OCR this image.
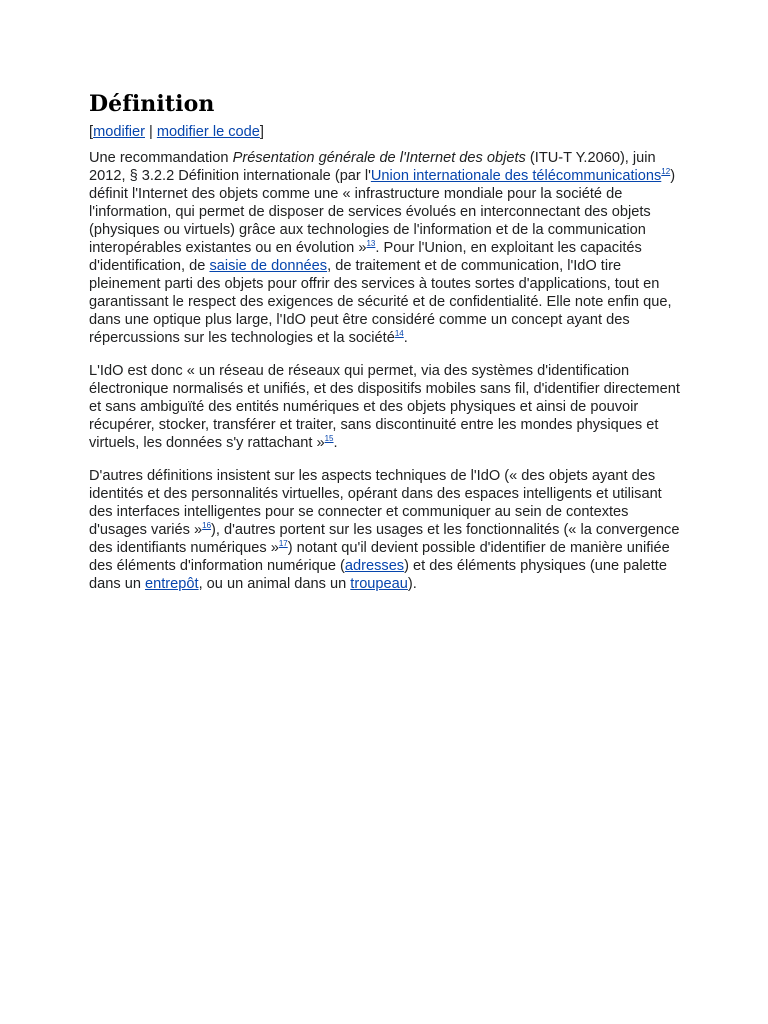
Définition
[modifier | modifier le code]

Une recommandation Présentation générale de l'Internet des objets (ITU-T Y.2060), juin 2012, § 3.2.2 Définition internationale (par l'Union internationale des télécommunications$^{12}$) définit l'Internet des objets comme une « infrastructure mondiale pour la société de l'information, qui permet de disposer de services évolués en interconnectant des objets (physiques ou virtuels) grâce aux technologies de l'information et de la communication interopérables existantes ou en évolution »$^{13}$. Pour l'Union, en exploitant les capacités d'identification, de saisie de données, de traitement et de communication, l'IdO tire pleinement parti des objets pour offrir des services à toutes sortes d'applications, tout en garantissant le respect des exigences de sécurité et de confidentialité. Elle note enfin que, dans une optique plus large, l'IdO peut être considéré comme un concept ayant des répercussions sur les technologies et la société$^{14}$.

L'IdO est donc « un réseau de réseaux qui permet, via des systèmes d'identification électronique normalisés et unifiés, et des dispositifs mobiles sans fil, d'identifier directement et sans ambiguïté des entités numériques et des objets physiques et ainsi de pouvoir récupérer, stocker, transférer et traiter, sans discontinuité entre les mondes physiques et virtuels, les données s'y rattachant »$^{15}$.

D'autres définitions insistent sur les aspects techniques de l'IdO (« des objets ayant des identités et des personnalités virtuelles, opérant dans des espaces intelligents et utilisant des interfaces intelligentes pour se connecter et communiquer au sein de contextes d'usages variés »$^{16}$), d'autres portent sur les usages et les fonctionnalités (« la convergence des identifiants numériques »$^{17}$) notant qu'il devient possible d'identifier de manière unifiée des éléments d'information numérique (adresses) et des éléments physiques (une palette dans un entrepôt, ou un animal dans un troupeau).
